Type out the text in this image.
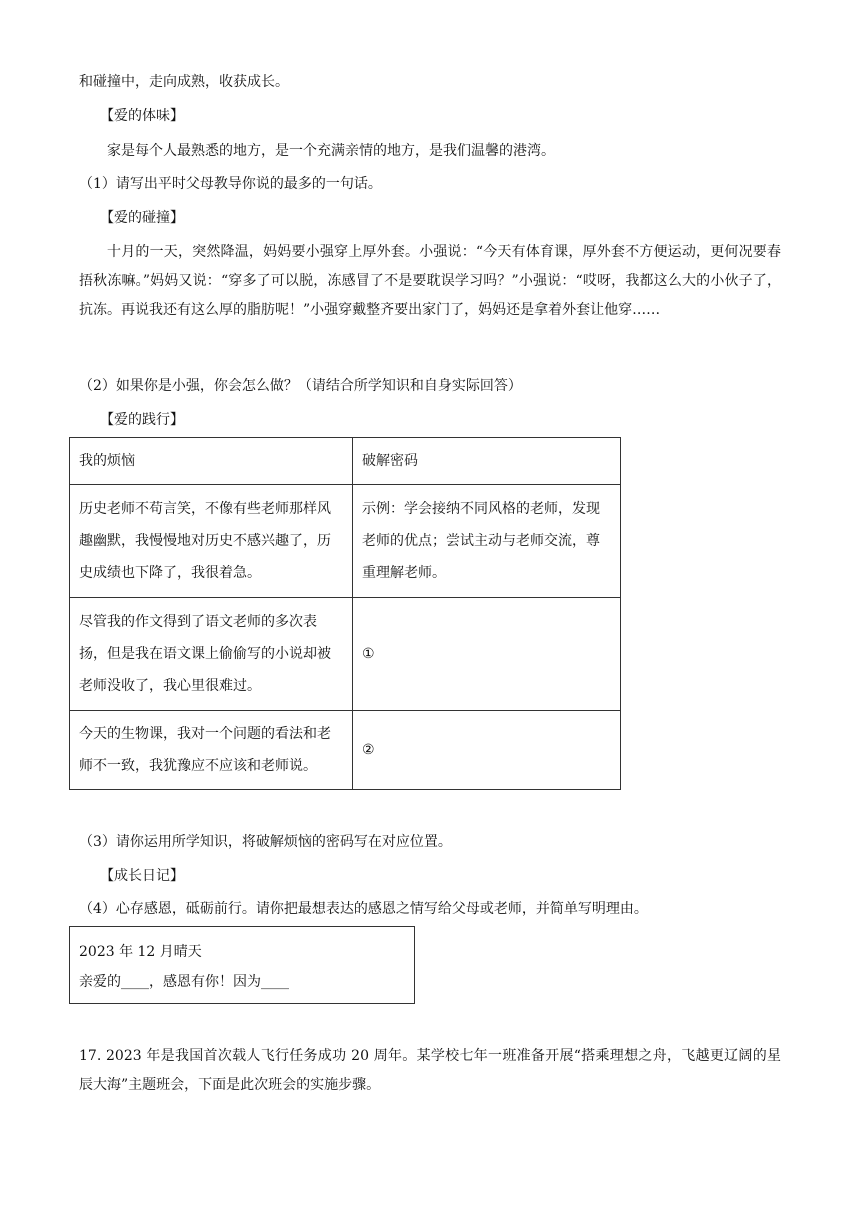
和碰撞中，走向成熟，收获成长。
【爱的体味】
家是每个人最熟悉的地方，是一个充满亲情的地方，是我们温馨的港湾。
（1）请写出平时父母教导你说的最多的一句话。
【爱的碰撞】
十月的一天，突然降温，妈妈要小强穿上厚外套。小强说：“今天有体育课，厚外套不方便运动，更何况要春捂秋冻嘛。”妈妈又说：“穿多了可以脱，冻感冒了不是要耽误学习吗？”小强说：“哎呀，我都这么大的小伙子了，抗冻。再说我还有这么厚的脂肪呢！”小强穿戴整齐要出家门了，妈妈还是拿着外套让他穿……
（2）如果你是小强，你会怎么做？（请结合所学知识和自身实际回答）
【爱的践行】
我的烦恼	破解密码
历史老师不苟言笑，不像有些老师那样风趣幽默，我慢慢地对历史不感兴趣了，历史成绩也下降了，我很着急。	示例：学会接纳不同风格的老师，发现老师的优点；尝试主动与老师交流，尊重理解老师。
尽管我的作文得到了语文老师的多次表扬，但是我在语文课上偷偷写的小说却被老师没收了，我心里很难过。	①
今天的生物课，我对一个问题的看法和老师不一致，我犹豫应不应该和老师说。	②
（3）请你运用所学知识，将破解烦恼的密码写在对应位置。
【成长日记】
（4）心存感恩，砥砺前行。请你把最想表达的感恩之情写给父母或老师，并简单写明理由。
2023 年 12 月晴天
亲爱的____，感恩有你！因为____
17. 2023 年是我国首次载人飞行任务成功 20 周年。某学校七年一班准备开展“搭乘理想之舟，飞越更辽阔的星辰大海”主题班会，下面是此次班会的实施步骤。
